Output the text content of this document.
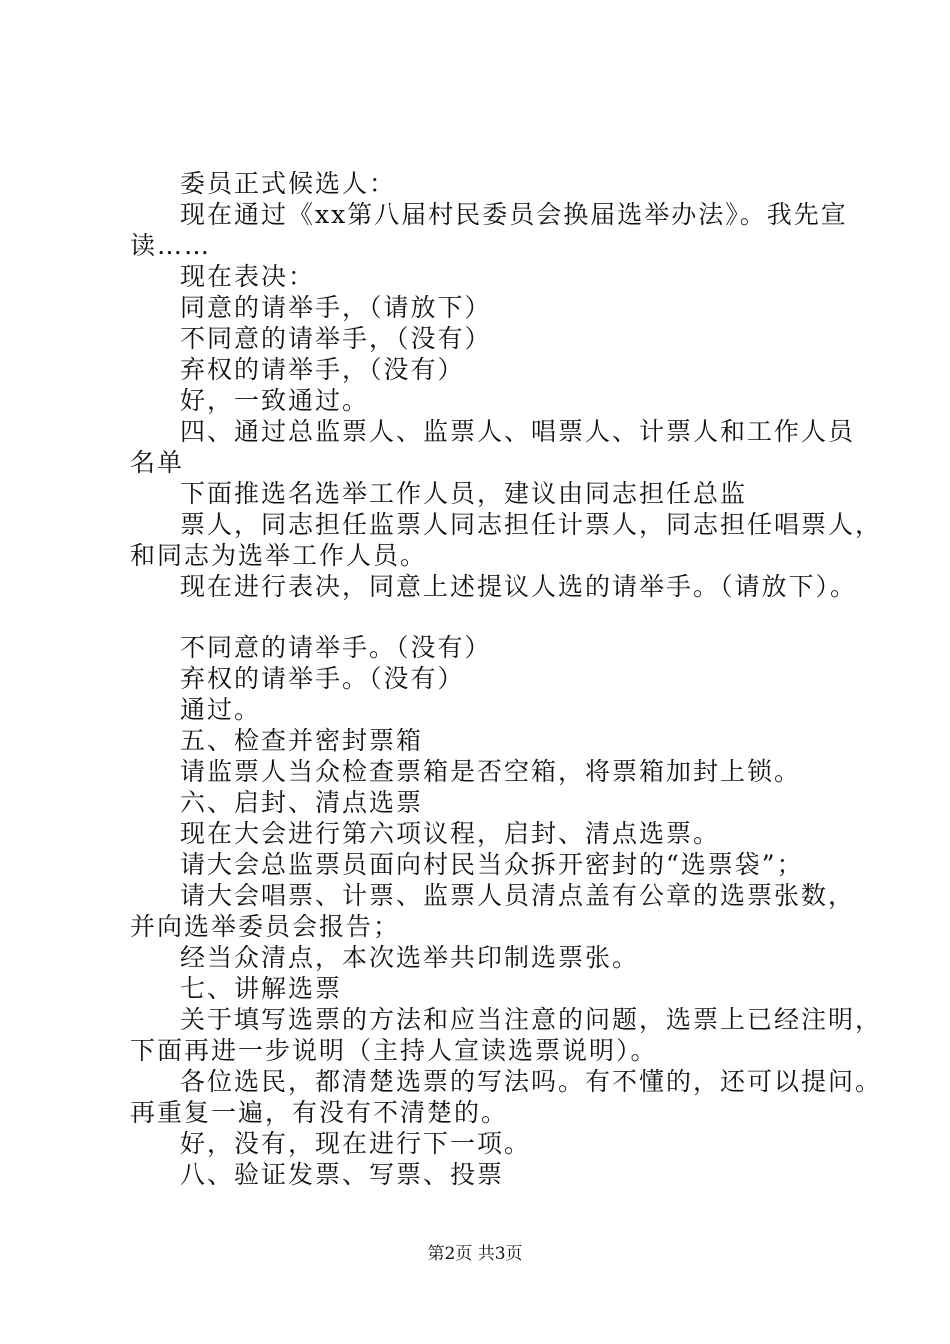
委员正式候选人：
现在通过《xx第八届村民委员会换届选举办法》。我先宣
读……
现在表决：
同意的请举手，（请放下）
不同意的请举手，（没有）
弃权的请举手，（没有）
好，一致通过。
四、通过总监票人、监票人、唱票人、计票人和工作人员
名单
下面推选名选举工作人员，建议由同志担任总监
票人，同志担任监票人同志担任计票人，同志担任唱票人，
和同志为选举工作人员。
现在进行表决，同意上述提议人选的请举手。（请放下）。
不同意的请举手。（没有）
弃权的请举手。（没有）
通过。
五、检查并密封票箱
请监票人当众检查票箱是否空箱，将票箱加封上锁。
六、启封、清点选票
现在大会进行第六项议程，启封、清点选票。
请大会总监票员面向村民当众拆开密封的“选票袋”；
请大会唱票、计票、监票人员清点盖有公章的选票张数，
并向选举委员会报告；
经当众清点，本次选举共印制选票张。
七、讲解选票
关于填写选票的方法和应当注意的问题，选票上已经注明，
下面再进一步说明（主持人宣读选票说明）。
各位选民，都清楚选票的写法吗。有不懂的，还可以提问。
再重复一遍，有没有不清楚的。
好，没有，现在进行下一项。
八、验证发票、写票、投票
第2页 共3页
